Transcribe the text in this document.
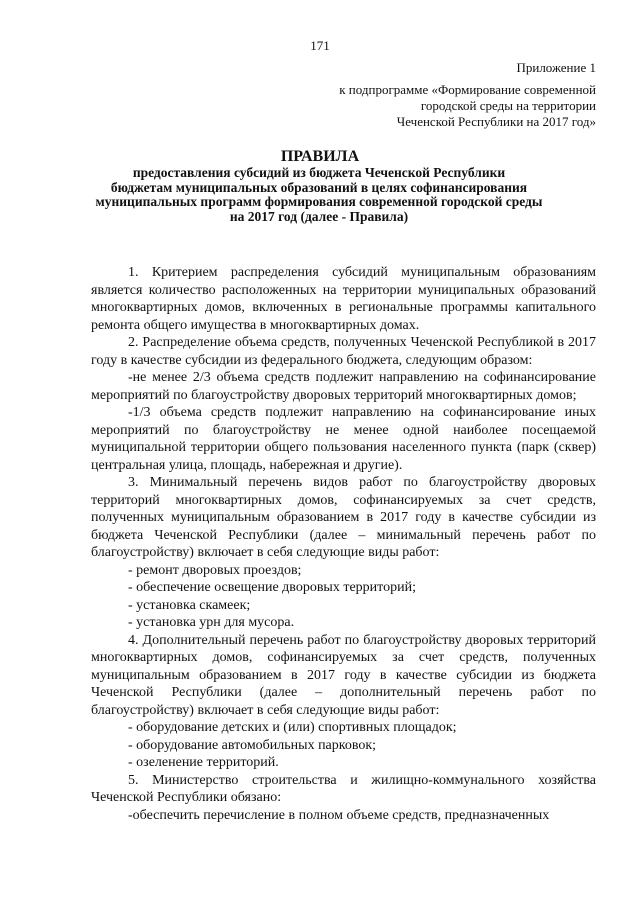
171
Приложение 1
к подпрограмме «Формирование современной
городской среды на территории
Чеченской Республики на 2017 год»
ПРАВИЛА
предоставления субсидий из бюджета Чеченской Республики
бюджетам муниципальных образований в целях софинансирования
муниципальных программ формирования современной городской среды
на 2017 год (далее - Правила)

1. Критерием распределения субсидий муниципальным образованиям является количество расположенных на территории муниципальных образований многоквартирных домов, включенных в региональные программы капитального ремонта общего имущества в многоквартирных домах.

2. Распределение объема средств, полученных Чеченской Республикой в 2017 году в качестве субсидии из федерального бюджета, следующим образом:

-не менее 2/3 объема средств подлежит направлению на софинансирование мероприятий по благоустройству дворовых территорий многоквартирных домов;

-1/3 объема средств подлежит направлению на софинансирование иных мероприятий по благоустройству не менее одной наиболее посещаемой муниципальной территории общего пользования населенного пункта (парк (сквер) центральная улица, площадь, набережная и другие).

3. Минимальный перечень видов работ по благоустройству дворовых территорий многоквартирных домов, софинансируемых за счет средств, полученных муниципальным образованием в 2017 году в качестве субсидии из бюджета Чеченской Республики (далее – минимальный перечень работ по благоустройству) включает в себя следующие виды работ:

- ремонт дворовых проездов;

- обеспечение освещение дворовых территорий;

- установка скамеек;

- установка урн для мусора.

4. Дополнительный перечень работ по благоустройству дворовых территорий многоквартирных домов, софинансируемых за счет средств, полученных муниципальным образованием в 2017 году в качестве субсидии из бюджета Чеченской Республики (далее – дополнительный перечень работ по благоустройству) включает в себя следующие виды работ:

- оборудование детских и (или) спортивных площадок;

- оборудование автомобильных парковок;

- озеленение территорий.

5. Министерство строительства и жилищно-коммунального хозяйства Чеченской Республики обязано:

-обеспечить перечисление в полном объеме средств, предназначенных
